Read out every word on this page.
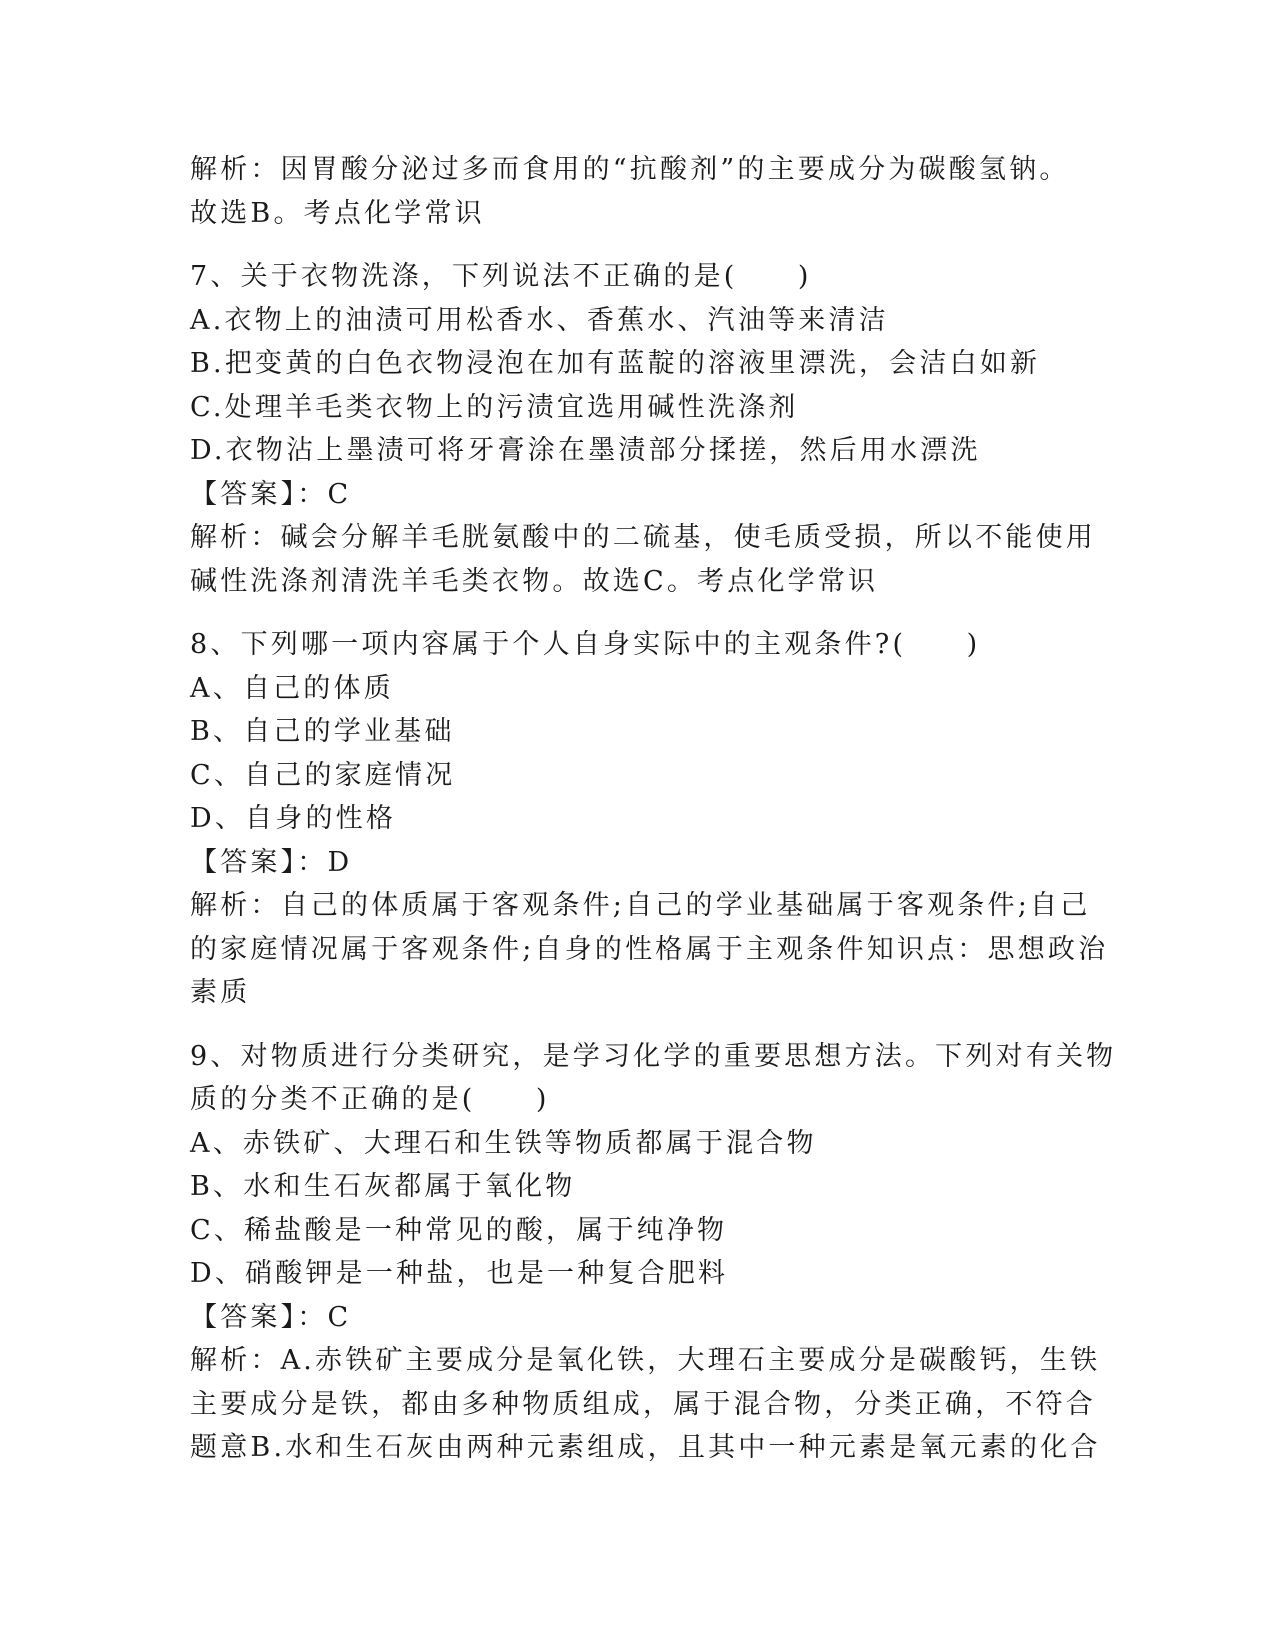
解析：因胃酸分泌过多而食用的“抗酸剂”的主要成分为碳酸氢钠。
故选B。考点化学常识
7、关于衣物洗涤，下列说法不正确的是(　　)
A.衣物上的油渍可用松香水、香蕉水、汽油等来清洁
B.把变黄的白色衣物浸泡在加有蓝靛的溶液里漂洗，会洁白如新
C.处理羊毛类衣物上的污渍宜选用碱性洗涤剂
D.衣物沾上墨渍可将牙膏涂在墨渍部分揉搓，然后用水漂洗
【答案】：C
解析：碱会分解羊毛胱氨酸中的二硫基，使毛质受损，所以不能使用
碱性洗涤剂清洗羊毛类衣物。故选C。考点化学常识
8、下列哪一项内容属于个人自身实际中的主观条件?(　　)
A、自己的体质
B、自己的学业基础
C、自己的家庭情况
D、自身的性格
【答案】：D
解析：自己的体质属于客观条件;自己的学业基础属于客观条件;自己
的家庭情况属于客观条件;自身的性格属于主观条件知识点：思想政治
素质
9、对物质进行分类研究，是学习化学的重要思想方法。下列对有关物
质的分类不正确的是(　　)
A、赤铁矿、大理石和生铁等物质都属于混合物
B、水和生石灰都属于氧化物
C、稀盐酸是一种常见的酸，属于纯净物
D、硝酸钾是一种盐，也是一种复合肥料
【答案】：C
解析：A.赤铁矿主要成分是氧化铁，大理石主要成分是碳酸钙，生铁
主要成分是铁，都由多种物质组成，属于混合物，分类正确，不符合
题意B.水和生石灰由两种元素组成，且其中一种元素是氧元素的化合
